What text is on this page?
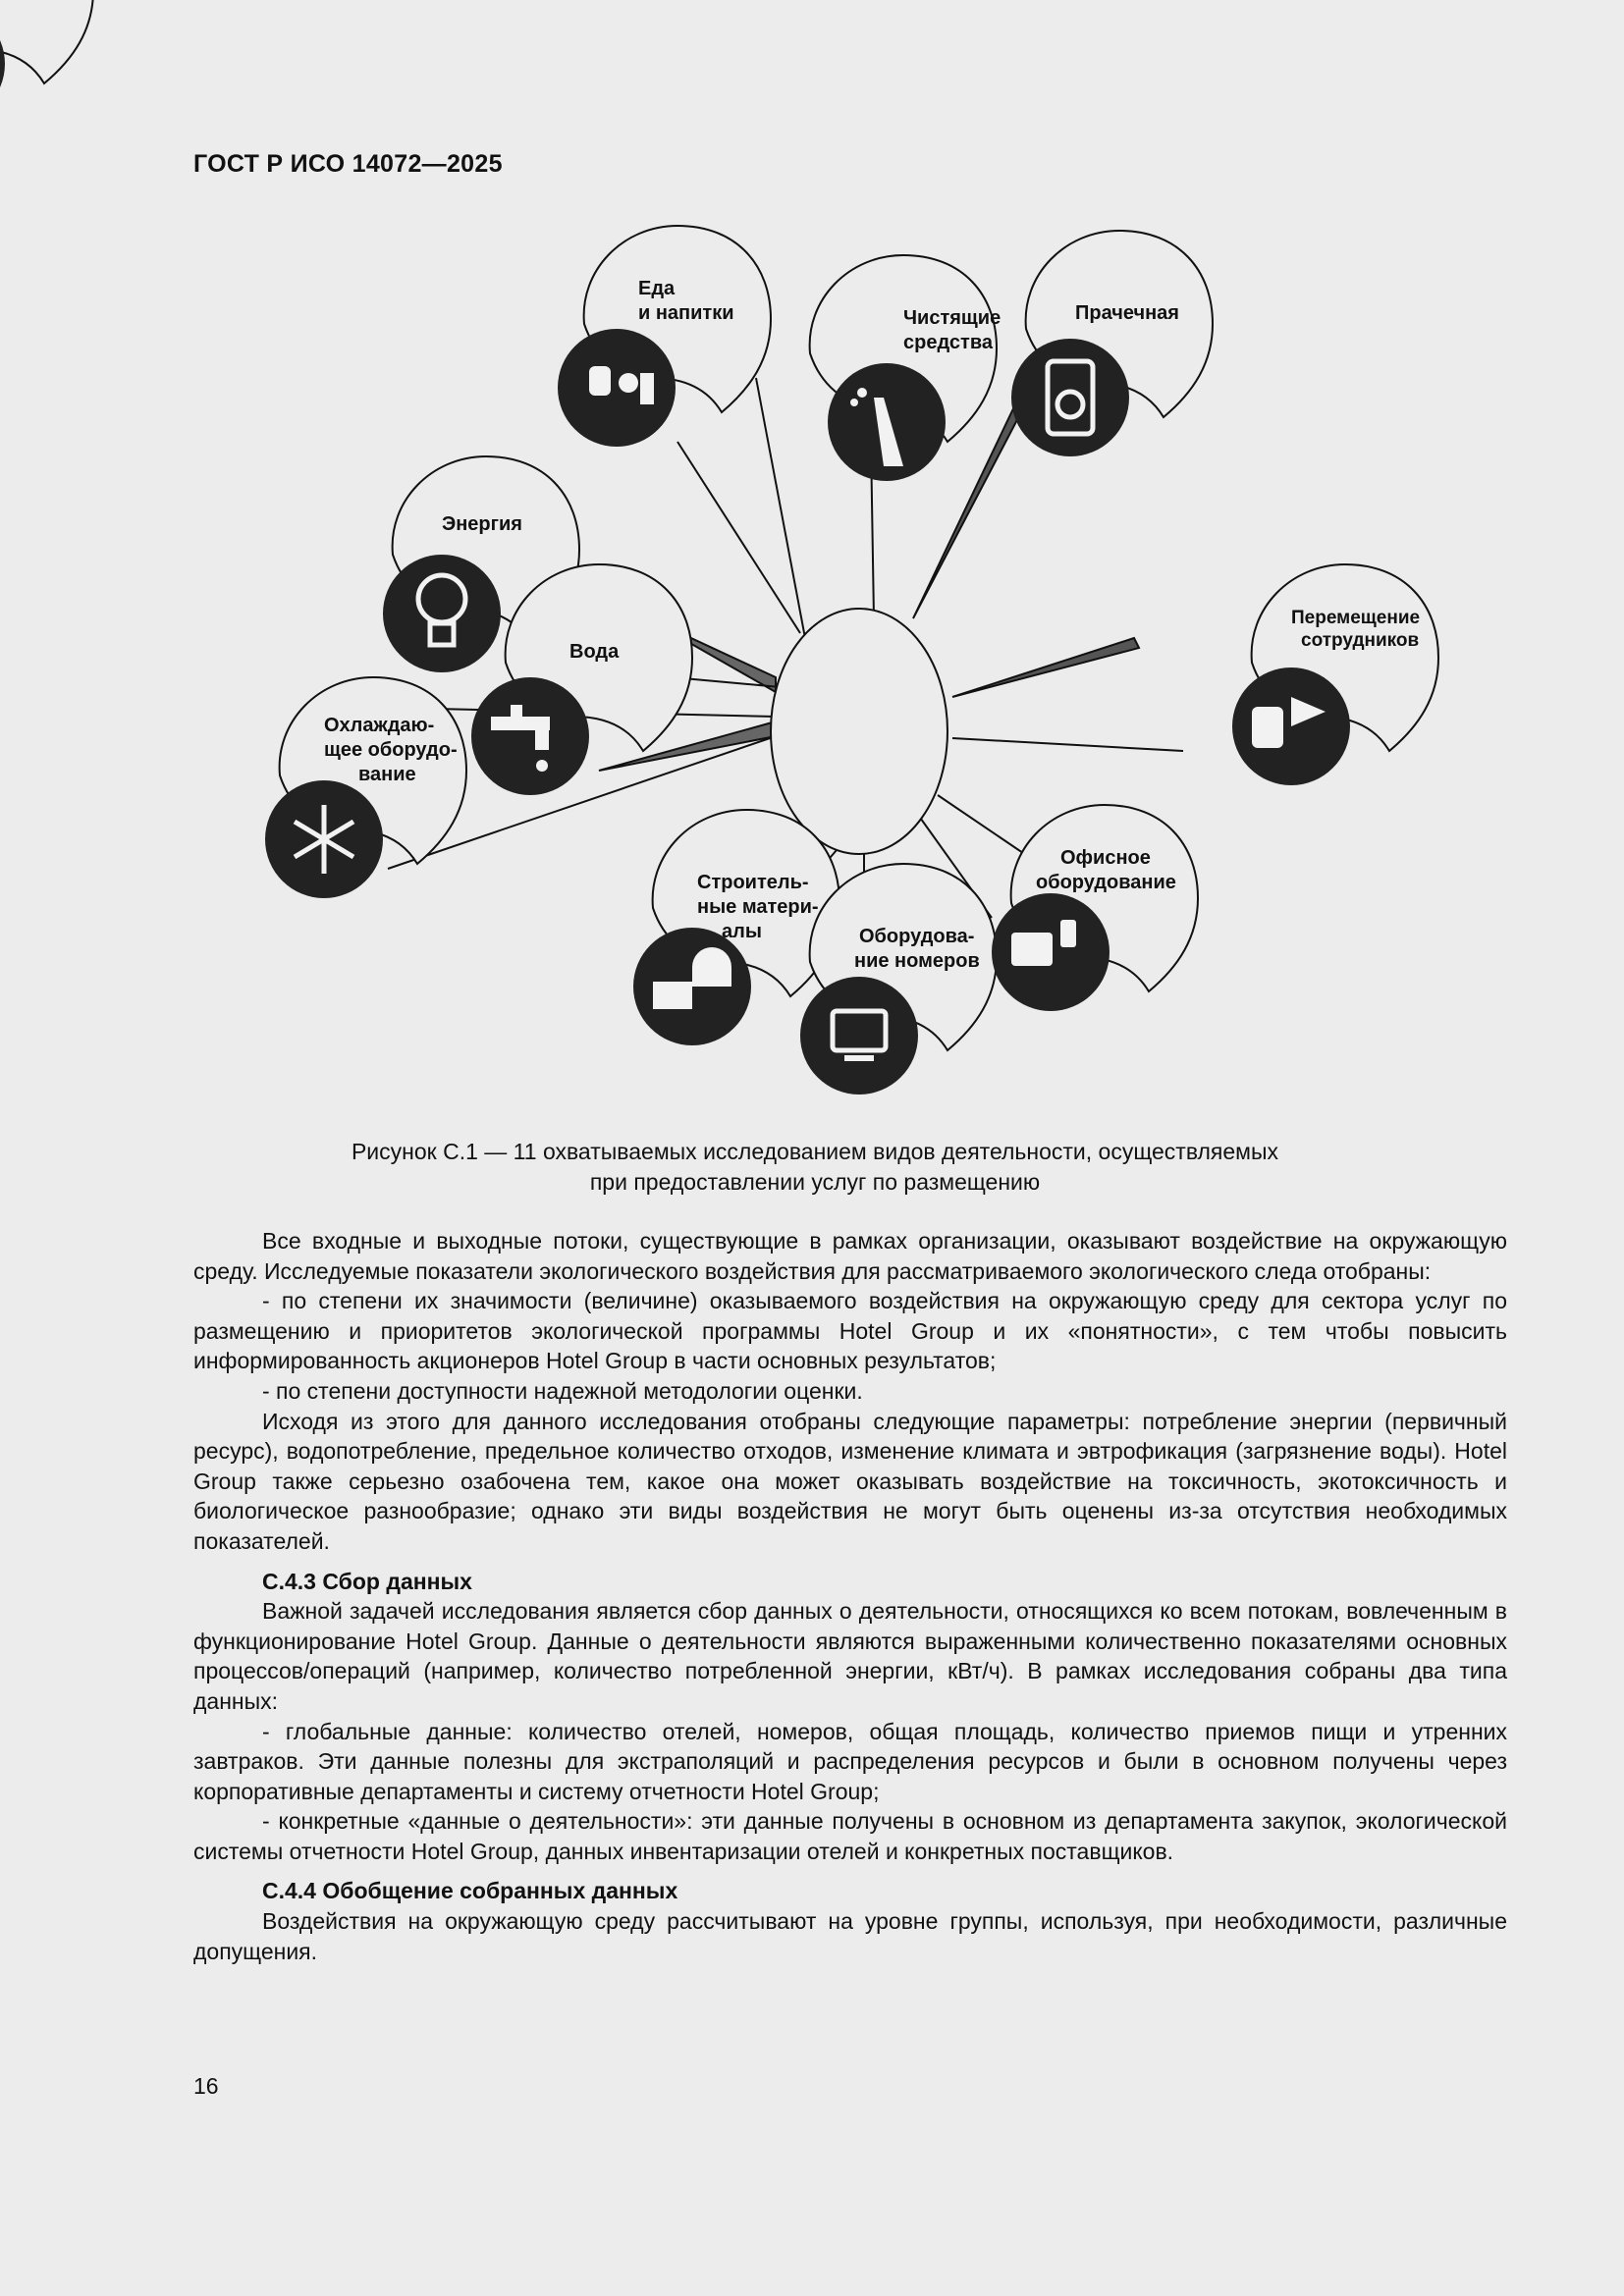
ГОСТ Р ИСО 14072—2025
Еда
и напитки	Чистящие
средства
Прачечная
Энергия
Вода
Перемещение
сотрудников
Охлаждаю-
щее оборудо-
вание
Строитель-
ные матери-
алы	Оборудова-
ние номеров
Офисное
оборудование
Рисунок С.1 — 11 охватываемых исследованием видов деятельности, осуществляемых
при предоставлении услуг по размещению

Все входные и выходные потоки, существующие в рамках организации, оказывают воздействие на окружающую среду. Исследуемые показатели экологического воздействия для рассматриваемого экологического следа отобраны:

- по степени их значимости (величине) оказываемого воздействия на окружающую среду для сектора услуг по размещению и приоритетов экологической программы Hotel Group и их «понятности», с тем чтобы повысить информированность акционеров Hotel Group в части основных результатов;

- по степени доступности надежной методологии оценки.

Исходя из этого для данного исследования отобраны следующие параметры: потребление энергии (первичный ресурс), водопотребление, предельное количество отходов, изменение климата и эвтрофикация (загрязнение воды). Hotel Group также серьезно озабочена тем, какое она может оказывать воздействие на токсичность, экотоксичность и биологическое разнообразие; однако эти виды воздействия не могут быть оценены из-за отсутствия необходимых показателей.

С.4.3 Сбор данных

Важной задачей исследования является сбор данных о деятельности, относящихся ко всем потокам, вовлеченным в функционирование Hotel Group. Данные о деятельности являются выраженными количественно показателями основных процессов/операций (например, количество потребленной энергии, кВт/ч). В рамках исследования собраны два типа данных:

- глобальные данные: количество отелей, номеров, общая площадь, количество приемов пищи и утренних завтраков. Эти данные полезны для экстраполяций и распределения ресурсов и были в основном получены через корпоративные департаменты и систему отчетности Hotel Group;

- конкретные «данные о деятельности»: эти данные получены в основном из департамента закупок, экологической системы отчетности Hotel Group, данных инвентаризации отелей и конкретных поставщиков.

С.4.4 Обобщение собранных данных

Воздействия на окружающую среду рассчитывают на уровне группы, используя, при необходимости, различные допущения.

16
